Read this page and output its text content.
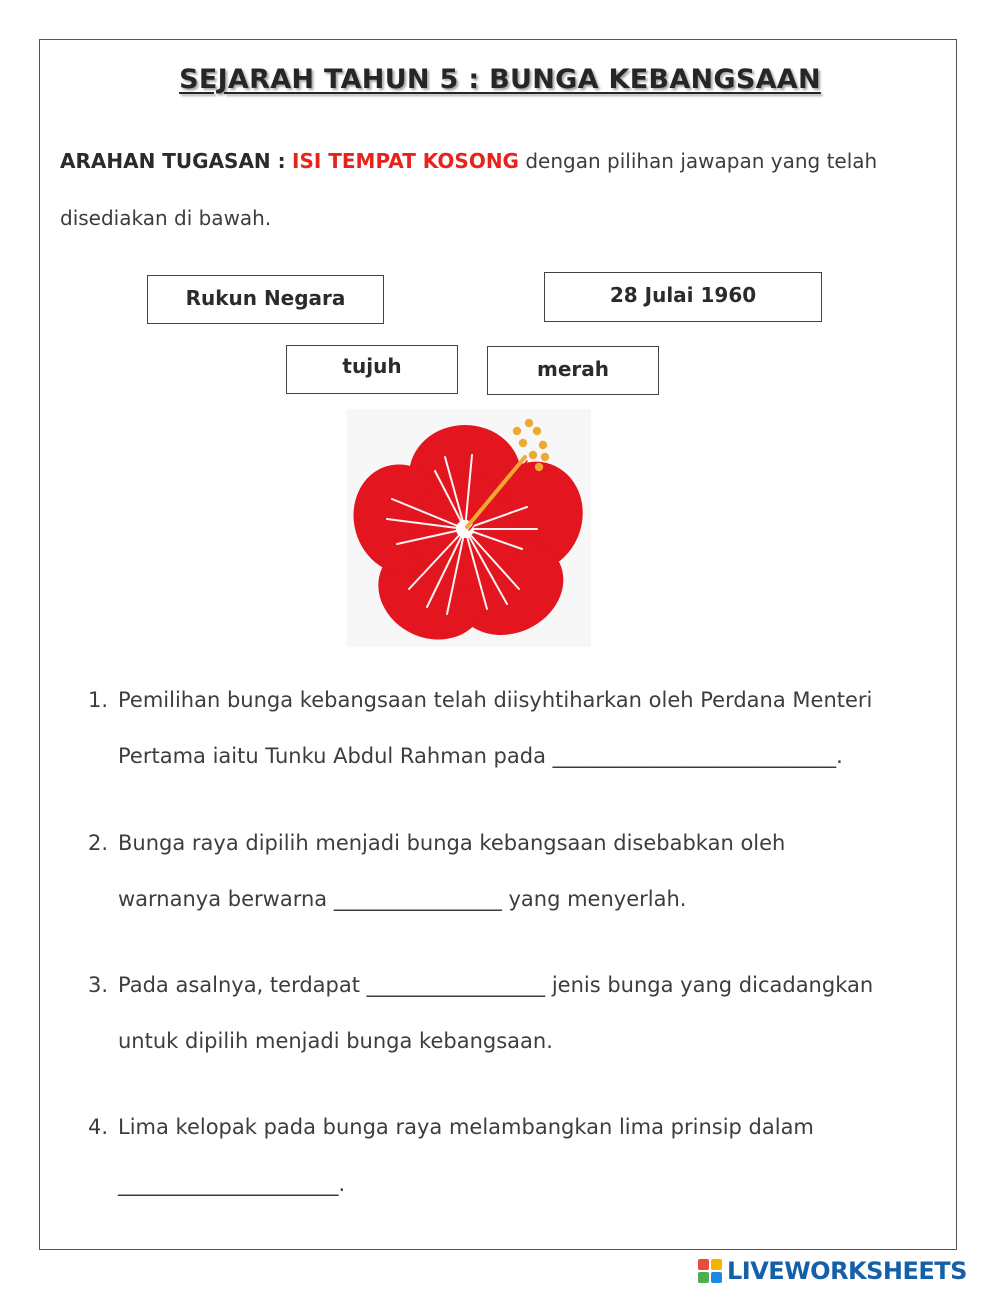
SEJARAH TAHUN 5 : BUNGA KEBANGSAAN
ARAHAN TUGASAN : ISI TEMPAT KOSONG dengan pilihan jawapan yang telah
disediakan di bawah.
Rukun Negara	28 Julai 1960
tujuh	merah
1. Pemilihan bunga kebangsaan telah diisyhtiharkan oleh Perdana Menteri
Pertama iaitu Tunku Abdul Rahman pada ___________________________.
2. Bunga raya dipilih menjadi bunga kebangsaan disebabkan oleh
warnanya berwarna ________________ yang menyerlah.
3. Pada asalnya, terdapat _________________ jenis bunga yang dicadangkan
untuk dipilih menjadi bunga kebangsaan.
4. Lima kelopak pada bunga raya melambangkan lima prinsip dalam
_____________________.
LIVEWORKSHEETS
